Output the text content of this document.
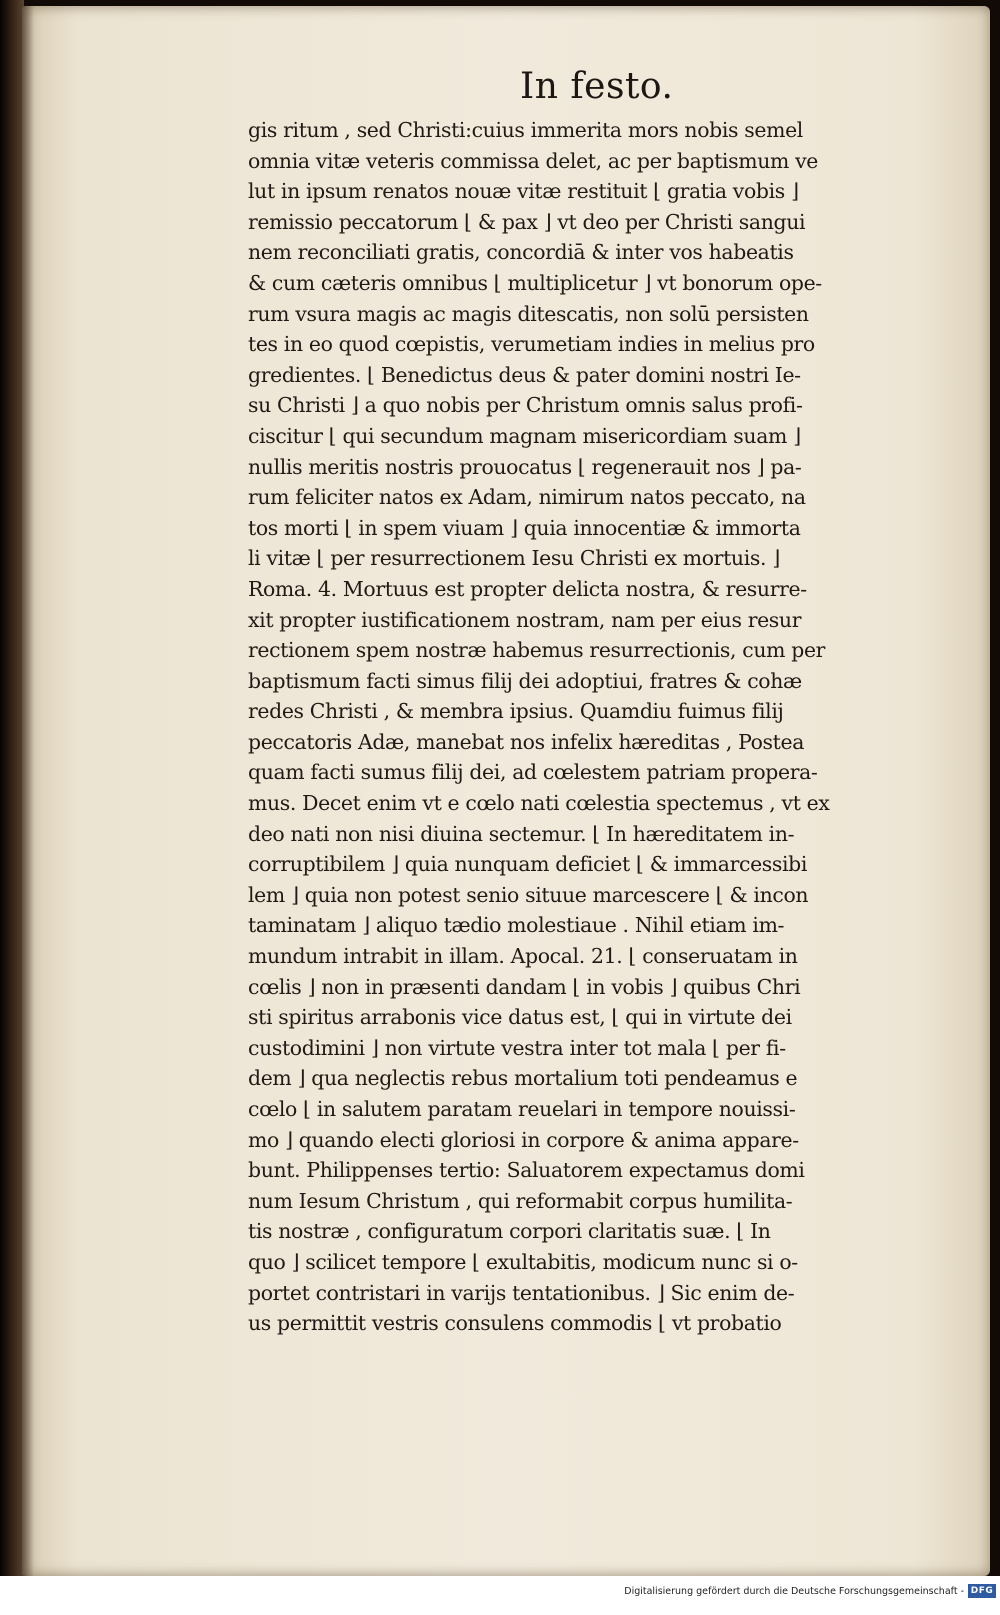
In festo.
gis ritum , sed Christi:cuius immerita mors nobis semel
omnia vitæ veteris commissa delet, ac per baptismum ve
lut in ipsum renatos nouæ vitæ restituit ⌊ gratia vobis ⌋
remissio peccatorum ⌊ & pax ⌋ vt deo per Christi sangui
nem reconciliati gratis, concordiā & inter vos habeatis
& cum cæteris omnibus ⌊ multiplicetur ⌋ vt bonorum ope-
rum vsura magis ac magis ditescatis, non solū persisten
tes in eo quod cœpistis, verumetiam indies in melius pro
gredientes. ⌊ Benedictus deus & pater domini nostri Ie-
su Christi ⌋ a quo nobis per Christum omnis salus profi-
ciscitur ⌊ qui secundum magnam misericordiam suam ⌋
nullis meritis nostris prouocatus ⌊ regenerauit nos ⌋ pa-
rum feliciter natos ex Adam, nimirum natos peccato, na
tos morti ⌊ in spem viuam ⌋ quia innocentiæ & immorta
li vitæ ⌊ per resurrectionem Iesu Christi ex mortuis. ⌋
Roma. 4. Mortuus est propter delicta nostra, & resurre-
xit propter iustificationem nostram, nam per eius resur
rectionem spem nostræ habemus resurrectionis, cum per
baptismum facti simus filij dei adoptiui, fratres & cohæ
redes Christi , & membra ipsius. Quamdiu fuimus filij
peccatoris Adæ, manebat nos infelix hæreditas , Postea
quam facti sumus filij dei, ad cœlestem patriam propera-
mus. Decet enim vt e cœlo nati cœlestia spectemus , vt ex
deo nati non nisi diuina sectemur. ⌊ In hæreditatem in-
corruptibilem ⌋ quia nunquam deficiet ⌊ & immarcessibi
lem ⌋ quia non potest senio situue marcescere ⌊ & incon
taminatam ⌋ aliquo tædio molestiaue . Nihil etiam im-
mundum intrabit in illam. Apocal. 21. ⌊ conseruatam in
cœlis ⌋ non in præsenti dandam ⌊ in vobis ⌋ quibus Chri
sti spiritus arrabonis vice datus est, ⌊ qui in virtute dei
custodimini ⌋ non virtute vestra inter tot mala ⌊ per fi-
dem ⌋ qua neglectis rebus mortalium toti pendeamus e
cœlo ⌊ in salutem paratam reuelari in tempore nouissi-
mo ⌋ quando electi gloriosi in corpore & anima appare-
bunt. Philippenses tertio: Saluatorem expectamus domi
num Iesum Christum , qui reformabit corpus humilita-
tis nostræ , configuratum corpori claritatis suæ. ⌊ In
quo ⌋ scilicet tempore ⌊ exultabitis, modicum nunc si o-
portet contristari in varijs tentationibus. ⌋ Sic enim de-
us permittit vestris consulens commodis ⌊ vt probatio
Digitalisierung gefördert durch die Deutsche Forschungsgemeinschaft - DFG
